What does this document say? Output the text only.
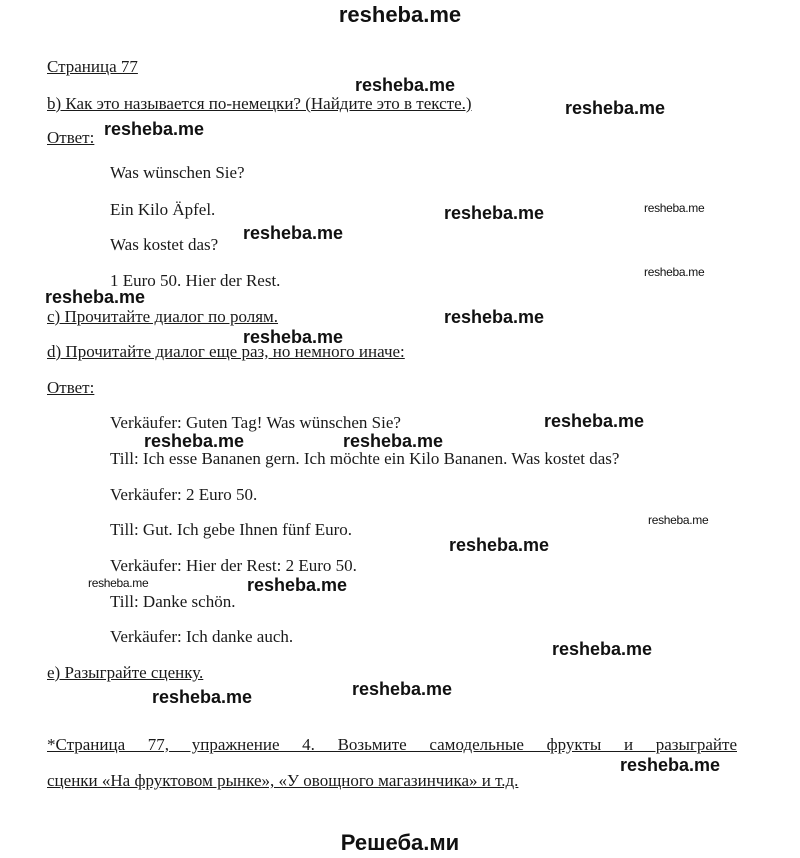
resheba.me
Страница 77
b) Как это называется по-немецки? (Найдите это в тексте.)
Ответ:
Was wünschen Sie?
Ein Kilo Äpfel.
Was kostet das?
1 Euro 50. Hier der Rest.
c) Прочитайте диалог по ролям.
d) Прочитайте диалог еще раз, но немного иначе:
Ответ:
Verkäufer: Guten Tag! Was wünschen Sie?
Till: Ich esse Bananen gern. Ich möchte ein Kilo Bananen. Was kostet das?
Verkäufer: 2 Euro 50.
Till: Gut. Ich gebe Ihnen fünf Euro.
Verkäufer: Hier der Rest: 2 Euro 50.
Till: Danke schön.
Verkäufer: Ich danke auch.
e) Разыграйте сценку.
*Страница 77, упражнение 4. Возьмите самодельные фрукты и разыграйте
сценки «На фруктовом рынке», «У овощного магазинчика» и т.д.
Решеба.ми
resheba.me
resheba.me
resheba.me
resheba.me	resheba.me
resheba.me
resheba.me
resheba.me
resheba.me
resheba.me
resheba.me
resheba.me	resheba.me
resheba.me
resheba.me
resheba.me	resheba.me
resheba.me
resheba.me
resheba.me
resheba.me
